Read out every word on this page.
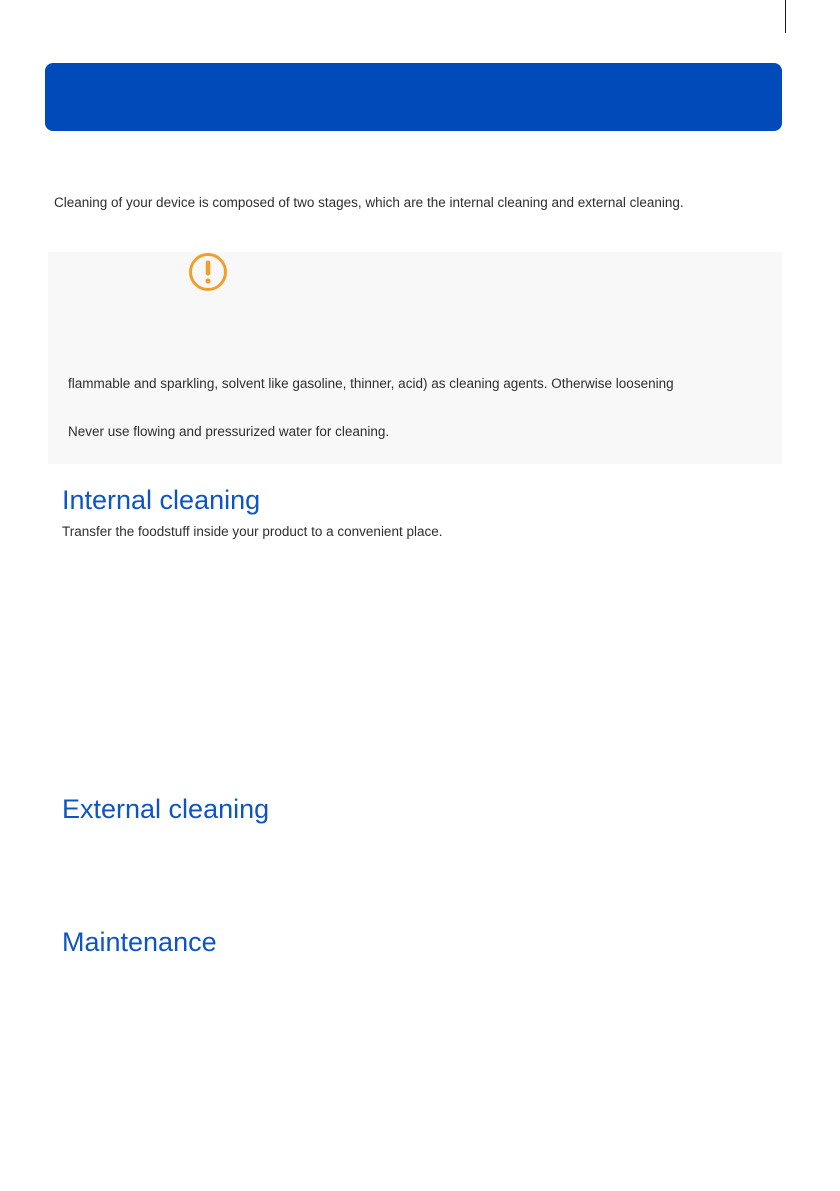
Cleaning of your device is composed of two stages, which are the internal cleaning and external cleaning.

flammable and sparkling, solvent like gasoline, thinner, acid) as cleaning agents. Otherwise loosening

Never use flowing and pressurized water for cleaning.

Internal cleaning

Transfer the foodstuff inside your product to a convenient place.

External cleaning
Maintenance
